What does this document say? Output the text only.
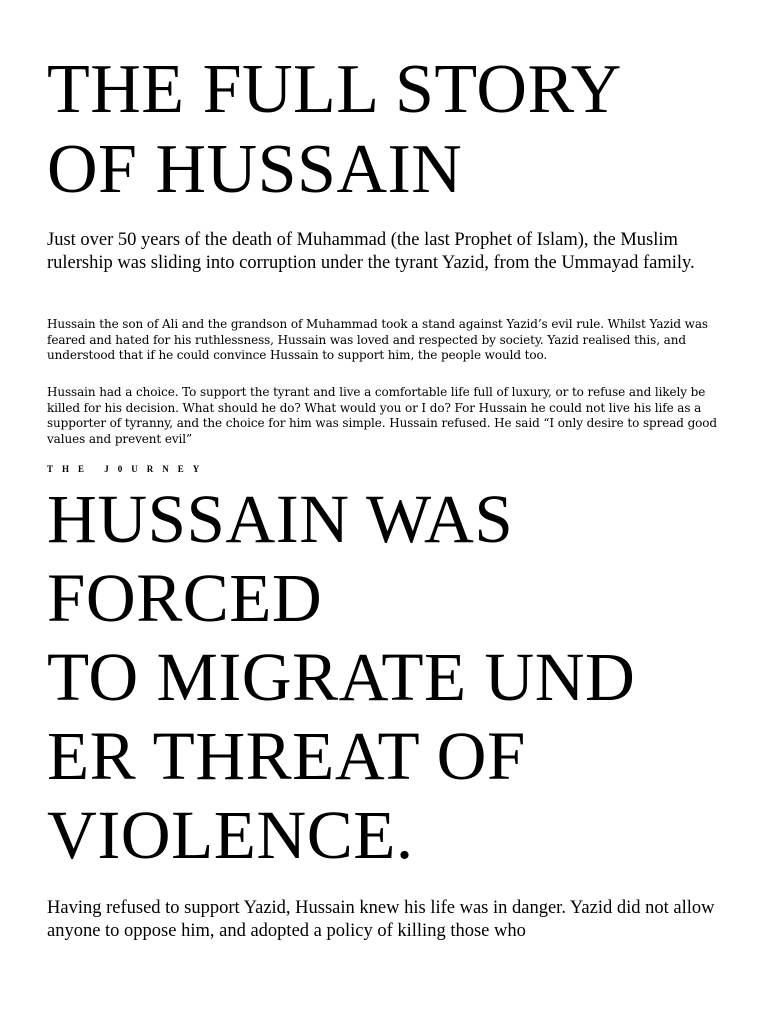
THE FULL STORY
OF HUSSAIN

Just over 50 years of the death of Muhammad (the last Prophet of Islam), the Muslim rulership was sliding into corruption under the tyrant Yazid, from the Ummayad family.

Hussain the son of Ali and the grandson of Muhammad took a stand against Yazid’s evil rule. Whilst Yazid was feared and hated for his ruthlessness, Hussain was loved and respected by society. Yazid realised this, and understood that if he could convince Hussain to support him, the people would too.

Hussain had a choice. To support the tyrant and live a comfortable life full of luxury, or to refuse and likely be killed for his decision. What should he do? What would you or I do? For Hussain he could not live his life as a supporter of tyranny, and the choice for him was simple. Hussain refused. He said “I only desire to spread good values and prevent evil”

THE J0URNEY
HUSSAIN WAS
FORCED
TO MIGRATE UND
ER THREAT OF
VIOLENCE.

Having refused to support Yazid, Hussain knew his life was in danger. Yazid did not allow anyone to oppose him, and adopted a policy of killing those who
